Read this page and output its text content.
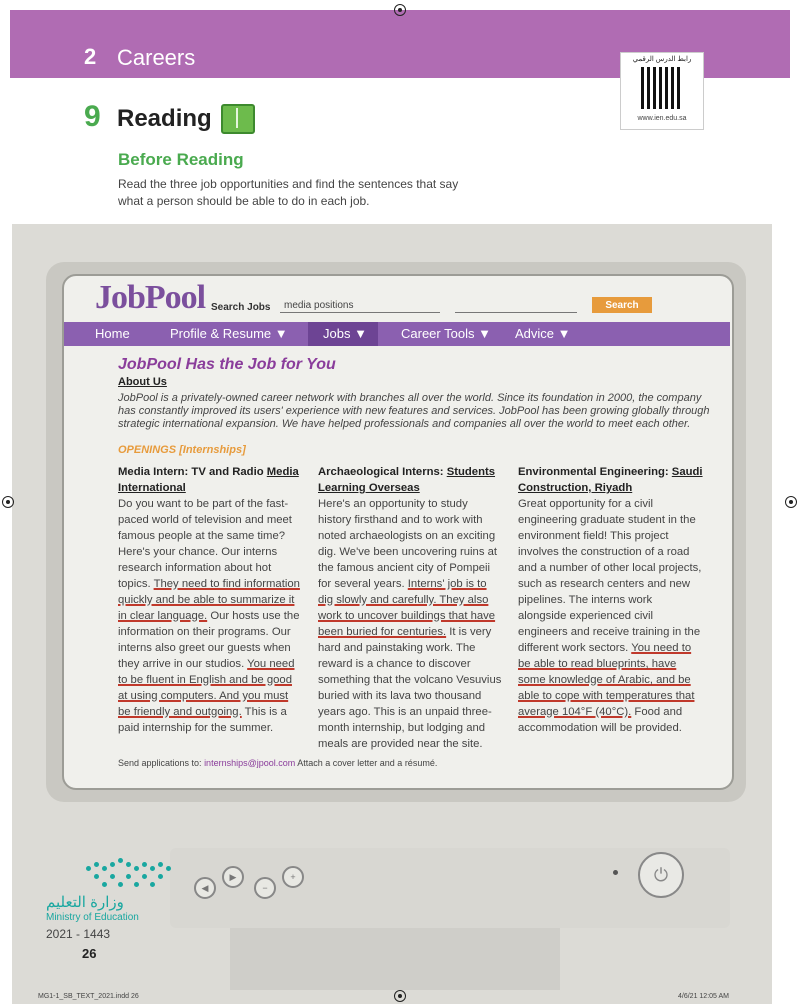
2 Careers	رابط الدرس الرقمي
www.ien.edu.sa
9 Reading
Before Reading
Read the three job opportunities and find the sentences that say what a person should be able to do in each job.
◀
▶
−
+	⏻
JobPool Search Jobs
media positions	Search
Home	Profile & Resume ▼	Jobs ▼	Career Tools ▼ Advice ▼
JobPool Has the Job for You
About Us
JobPool is a privately-owned career network with branches all over the world. Since its foundation in 2000, the company has constantly improved its users' experience with new features and services. JobPool has been growing globally through strategic international expansion. We have helped professionals and companies all over the world to meet each other.
OPENINGS [Internships]
Media Intern: TV and Radio Media International
Do you want to be part of the fast-paced world of television and meet famous people at the same time? Here's your chance. Our interns research information about hot topics. They need to find information quickly and be able to summarize it in clear language. Our hosts use the information on their programs. Our interns also greet our guests when they arrive in our studios. You need to be fluent in English and be good at using computers. And you must be friendly and outgoing. This is a paid internship for the summer.
Archaeological Interns: Students Learning Overseas
Here's an opportunity to study history firsthand and to work with noted archaeologists on an exciting dig. We've been uncovering ruins at the famous ancient city of Pompeii for several years. Interns' job is to dig slowly and carefully. They also work to uncover buildings that have been buried for centuries. It is very hard and painstaking work. The reward is a chance to discover something that the volcano Vesuvius buried with its lava two thousand years ago. This is an unpaid three-month internship, but lodging and meals are provided near the site.
Environmental Engineering: Saudi Construction, Riyadh
Great opportunity for a civil engineering graduate student in the environment field! This project involves the construction of a road and a number of other local projects, such as research centers and new pipelines. The interns work alongside experienced civil engineers and receive training in the different work sectors. You need to be able to read blueprints, have some knowledge of Arabic, and be able to cope with temperatures that average 104°F (40°C). Food and accommodation will be provided.
Send applications to: internships@jpool.com Attach a cover letter and a résumé.
وزارة التعليم
Ministry of Education
2021 - 1443
26
MG1-1_SB_TEXT_2021.indd 26	4/6/21 12:05 AM
